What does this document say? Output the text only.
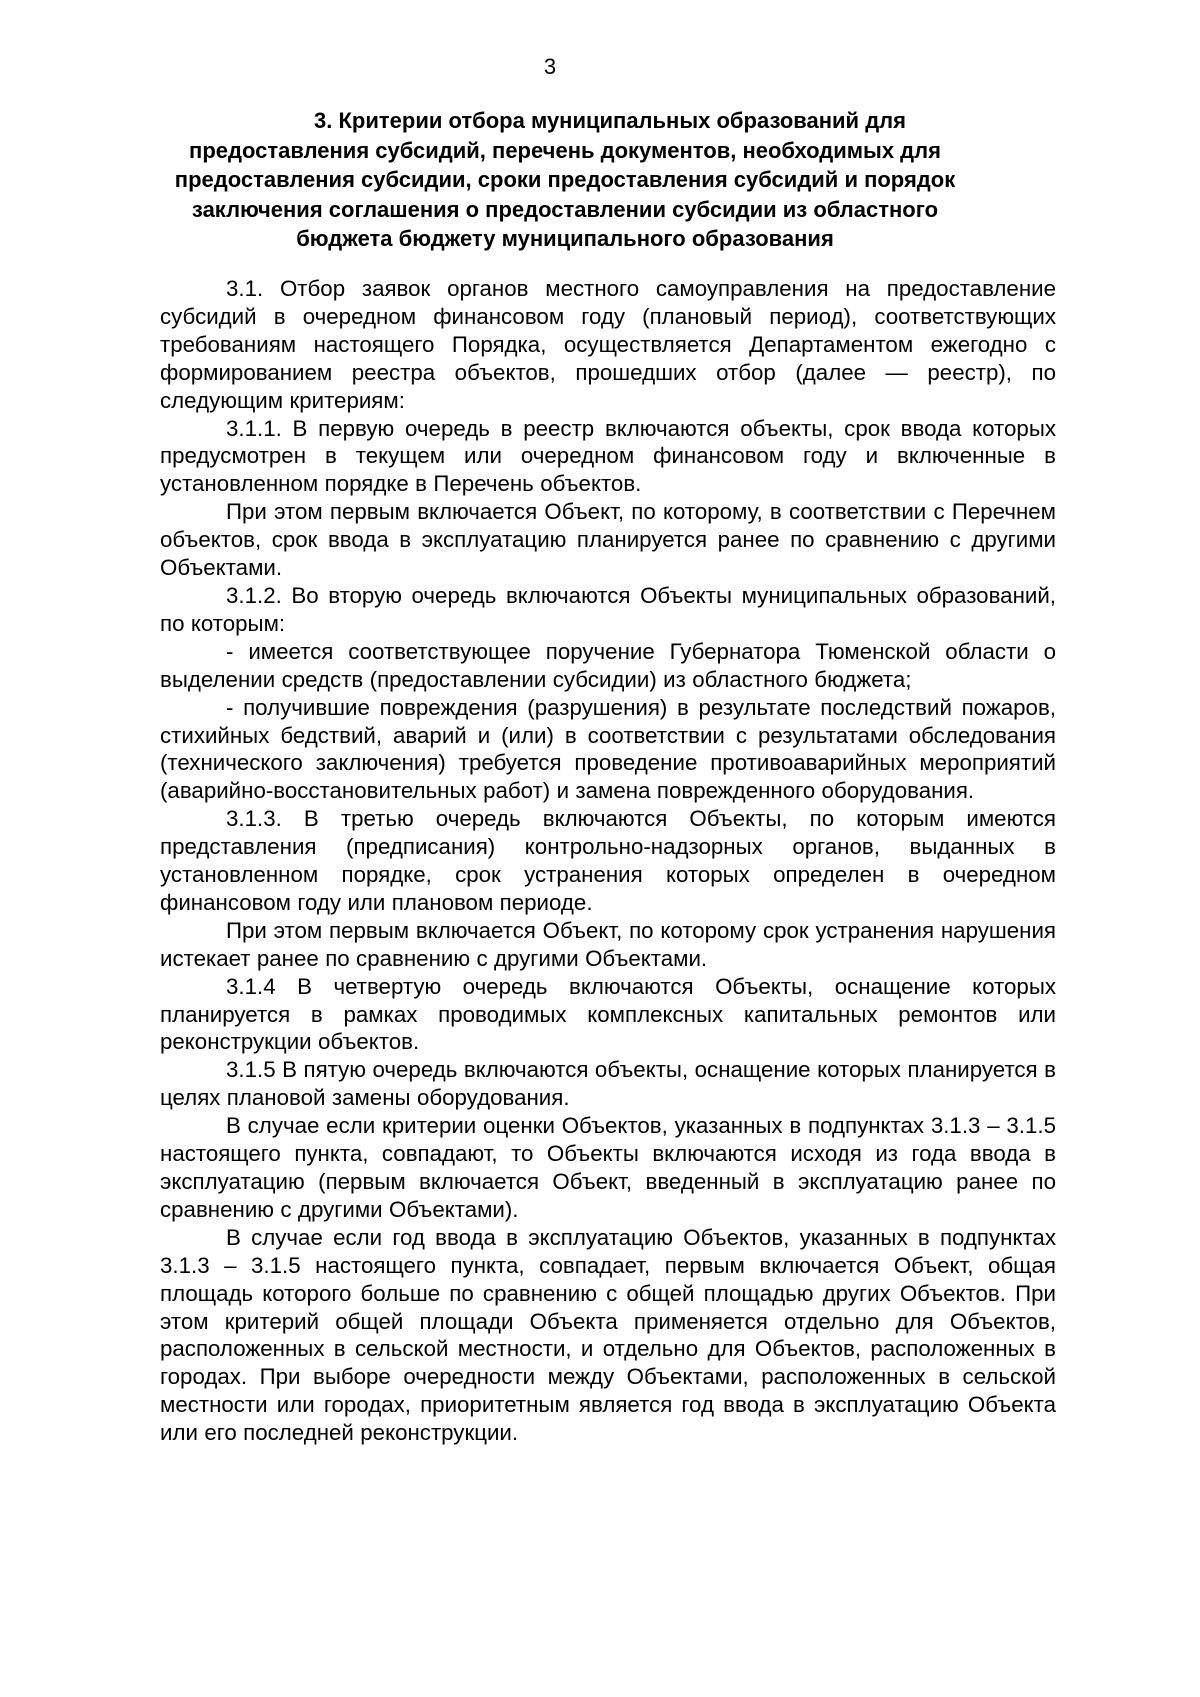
3
3. Критерии отбора муниципальных образований для предоставления субсидий, перечень документов, необходимых для предоставления субсидии, сроки предоставления субсидий и порядок заключения соглашения о предоставлении субсидии из областного бюджета бюджету муниципального образования

3.1. Отбор заявок органов местного самоуправления на предоставление субсидий в очередном финансовом году (плановый период), соответствующих требованиям настоящего Порядка, осуществляется Департаментом ежегодно с формированием реестра объектов, прошедших отбор (далее — реестр), по следующим критериям:

3.1.1. В первую очередь в реестр включаются объекты, срок ввода которых предусмотрен в текущем или очередном финансовом году и включенные в установленном порядке в Перечень объектов.

При этом первым включается Объект, по которому, в соответствии с Перечнем объектов, срок ввода в эксплуатацию планируется ранее по сравнению с другими Объектами.

3.1.2. Во вторую очередь включаются Объекты муниципальных образований, по которым:

- имеется соответствующее поручение Губернатора Тюменской области о выделении средств (предоставлении субсидии) из областного бюджета;

- получившие повреждения (разрушения) в результате последствий пожаров, стихийных бедствий, аварий и (или) в соответствии с результатами обследования (технического заключения) требуется проведение противоаварийных мероприятий (аварийно-восстановительных работ) и замена поврежденного оборудования.

3.1.3. В третью очередь включаются Объекты, по которым имеются представления (предписания) контрольно-надзорных органов, выданных в установленном порядке, срок устранения которых определен в очередном финансовом году или плановом периоде.

При этом первым включается Объект, по которому срок устранения нарушения истекает ранее по сравнению с другими Объектами.

3.1.4 В четвертую очередь включаются Объекты, оснащение которых планируется в рамках проводимых комплексных капитальных ремонтов или реконструкции объектов.

3.1.5 В пятую очередь включаются объекты, оснащение которых планируется в целях плановой замены оборудования.

В случае если критерии оценки Объектов, указанных в подпунктах 3.1.3 – 3.1.5 настоящего пункта, совпадают, то Объекты включаются исходя из года ввода в эксплуатацию (первым включается Объект, введенный в эксплуатацию ранее по сравнению с другими Объектами).

В случае если год ввода в эксплуатацию Объектов, указанных в подпунктах 3.1.3 – 3.1.5 настоящего пункта, совпадает, первым включается Объект, общая площадь которого больше по сравнению с общей площадью других Объектов. При этом критерий общей площади Объекта применяется отдельно для Объектов, расположенных в сельской местности, и отдельно для Объектов, расположенных в городах. При выборе очередности между Объектами, расположенных в сельской местности или городах, приоритетным является год ввода в эксплуатацию Объекта или его последней реконструкции.
